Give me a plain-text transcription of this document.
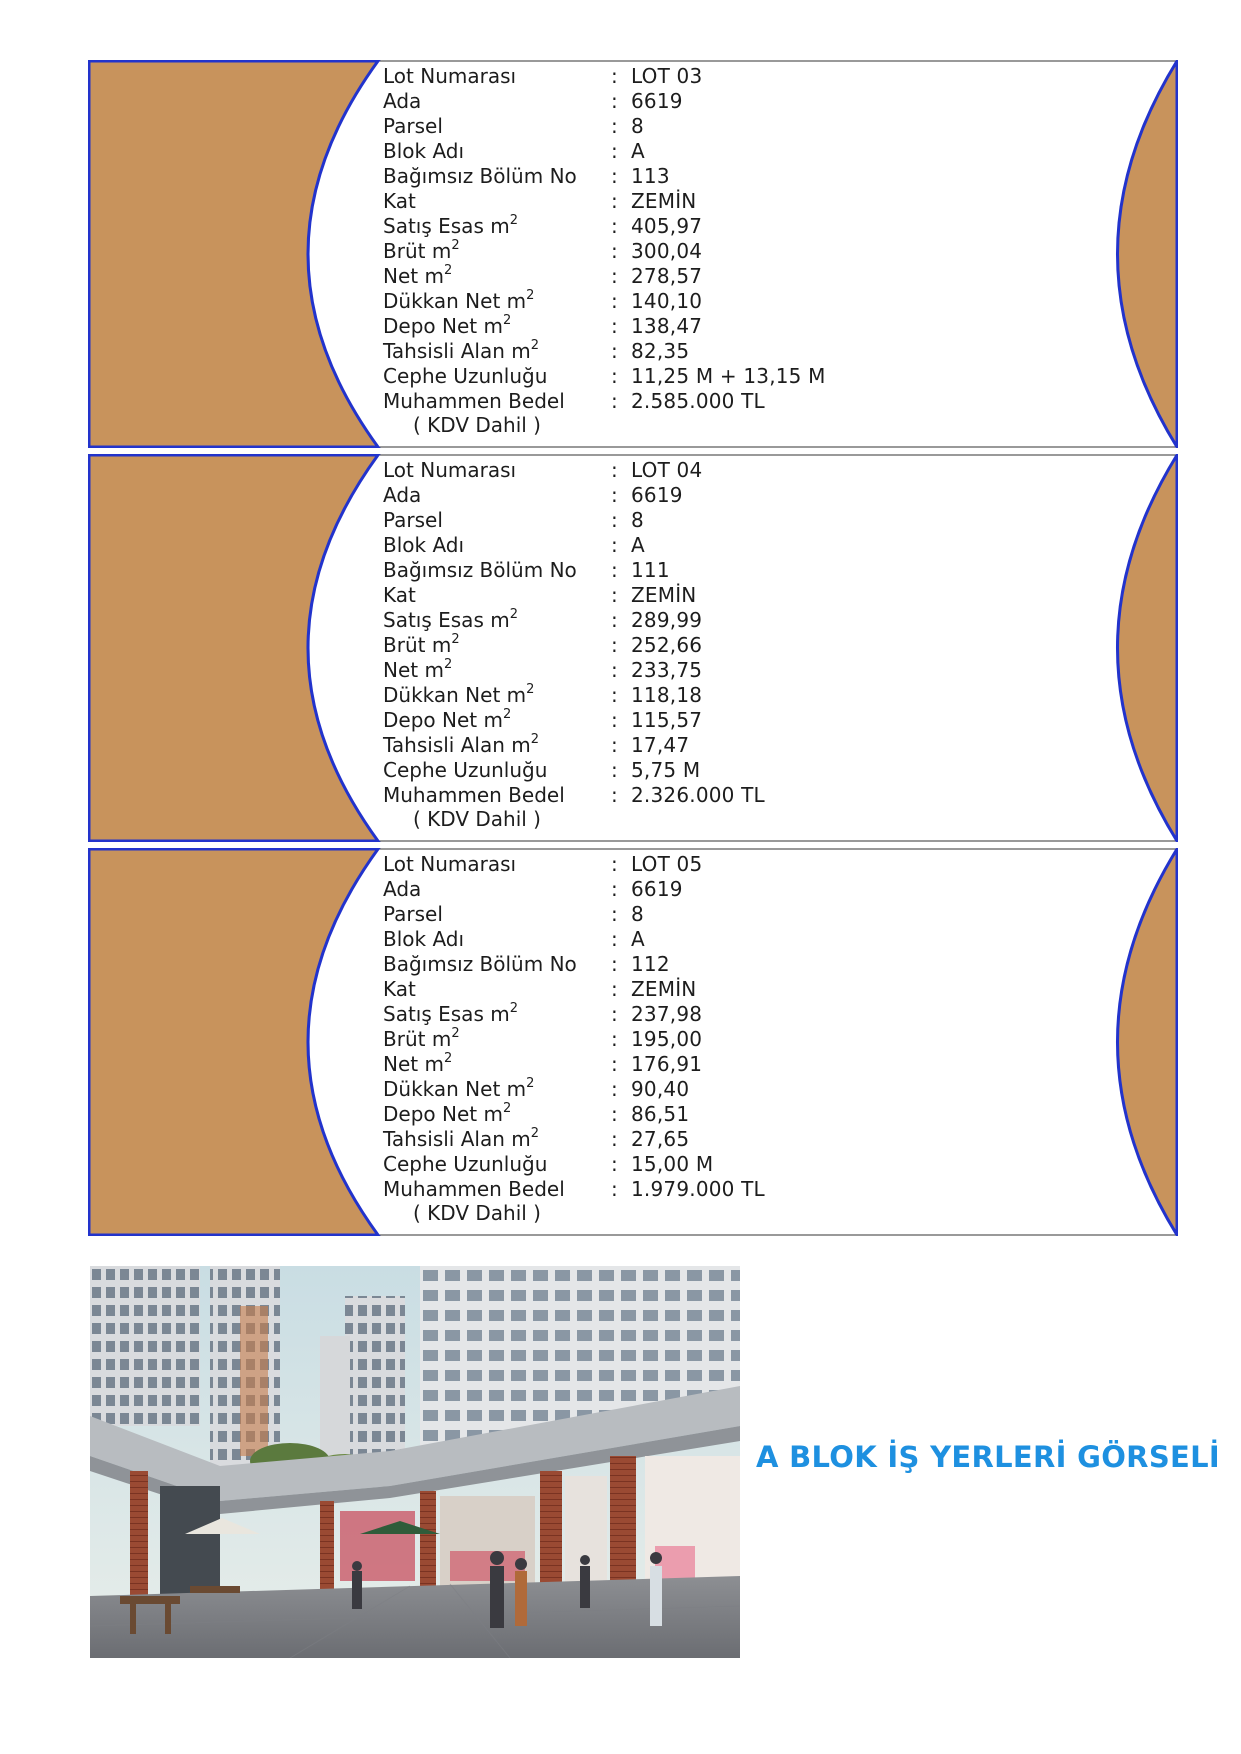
Lot Numarası	: LOT 03
Ada	: 6619
Parsel	: 8
Blok Adı	: A
Bağımsız Bölüm No	: 113
Kat	: ZEMİN
Satış Esas $m^2$	: 405,97
Brüt $m^2$	: 300,04
Net $m^2$	: 278,57
Dükkan Net $m^2$	: 140,10
Depo Net $m^2$	: 138,47
Tahsisli Alan $m^2$	: 82,35
Cephe Uzunluğu	: 11,25 M + 13,15 M
Muhammen Bedel	: 2.585.000 TL
( KDV Dahil )
Lot Numarası	: LOT 04
Ada	: 6619
Parsel	: 8
Blok Adı	: A
Bağımsız Bölüm No	: 111
Kat	: ZEMİN
Satış Esas $m^2$	: 289,99
Brüt $m^2$	: 252,66
Net $m^2$	: 233,75
Dükkan Net $m^2$	: 118,18
Depo Net $m^2$	: 115,57
Tahsisli Alan $m^2$	: 17,47
Cephe Uzunluğu	: 5,75 M
Muhammen Bedel	: 2.326.000 TL
( KDV Dahil )
Lot Numarası	: LOT 05
Ada	: 6619
Parsel	: 8
Blok Adı	: A
Bağımsız Bölüm No	: 112
Kat	: ZEMİN
Satış Esas $m^2$	: 237,98
Brüt $m^2$	: 195,00
Net $m^2$	: 176,91
Dükkan Net $m^2$	: 90,40
Depo Net $m^2$	: 86,51
Tahsisli Alan $m^2$	: 27,65
Cephe Uzunluğu	: 15,00 M
Muhammen Bedel	: 1.979.000 TL
( KDV Dahil )
A BLOK İŞ YERLERİ GÖRSELİ
